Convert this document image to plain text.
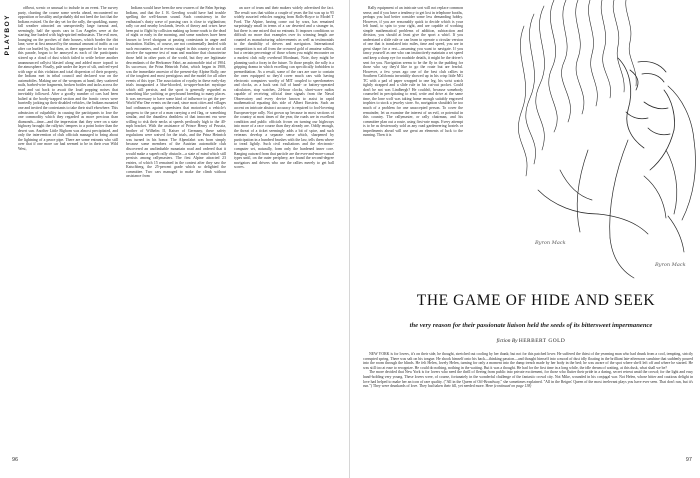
PLAYBOY

offbeat, scenic or unusual to include in an event. The survey party, charting the course some weeks ahead, encountered no opposition or hostility and probably did not heed the fact that the Indians existed. On the day set for the rally, the sparkling, sunny fall weather attracted an unexpectedly large turnout and, seemingly, half the sports cars in Los Angeles were at the starting line loaded with high-spirited enthusiasts. The evil men, lounging on the porches of their houses, which border the dirt lane, were at first amused by the unusual amount of traffic as car after car hurtled by, but then, as there appeared to be no end to this parade, began to be annoyed as each of the participants stirred up a cloud of dust which failed to settle before another unannounced rallyist blasted along and added more topsoil to the atmosphere. Finally, pale under the layer of silt, and red-eyed with rage at this violation and total dispersion of their property, the Indians met in tribal council and declared war on the automobiles. Making use of the weapons at hand, they scattered nails, barbed-wire fragments, broken bottles and tacks across the road and sat back to await the loud popping noises that inevitably followed. After a goodly number of cars had been halted at the booby-trapped section and the frantic crews were hurriedly jacking up their disabled vehicles, the Indians mounted one and invited the contestants to take their stuff elsewhere. This admission of culpability in causing the participants to lose the one commodity which they regarded as more precious than diamonds—time—and the impression that they were on a state highway brought the rallyists' tempers to a point hotter than the desert sun. Another Little Bighorn was almost precipitated, and only the intervention of club officials managed to bring about the lightning of a peace pipe. There are some entrants who still aver that if one more car had seemed to be in their own Wild West,

Indians would have been the new owners of the Palm Springs Indians, and that the J. R. Geerling would have had trouble spelling the well-known sound. Such consistency in the enthusiast's dusty wave of passing cars is close to vigilantism; rally car and nearby lowlands, levels of theory and crises have been put to flight by collision making up home roads to the dead of night or early in the morning, and some ranchers have been known to level shotguns at passing contestants in anger and frustration. Rallies, of course, are not continentally landed with such encounters, and in events staged in this country do not all involve the supreme test of man and machine that characterize those held in other parts of the world, but they are legitimate descendants of the Herkomer Fahrt, an automobile trial of 1904. Its successor, the Prinz Heinrich Fahrt, which began in 1908, was the immediate ancestor of the present-day Alpine Rally, one of the toughest and most prestigious and the model for all other events of this type. The association of royalty in these early-day trials inaugurated a blue-blooded, to-upper-bracket mystique which still persists, and the sport is generally regarded as something like yachting or greyhound breeding to many places. It was necessary to have some kind of influence to get the pre-World War One events on the road, since most cities and villages had ordinances against speedsters that motorized a vehicle's progress to the pace of a man carrying a red flag, or something similar, and the dauntless deathless of that innocent era were willing to risk their necks at speeds perilously high to the 40-mph bracket. With the assistance of Prince Henry of Prussia, brother of Wilhelm II, Kaiser of Germany, these safety regulations were waived for the trials, and the Prinz Heinrich was turned in his honor. The Alpenfahrt was born simply because some members of the Austrian automobile club discovered an unclimbable mountain road and ordered that it would make a superb rally obstacle—a state of mind which still persists among rallymasters. The first Alpine attracted 23 entries, of which 15 remained in the contest after they saw the Katschberg, the 25-percent grade which so delighted the committee. Two cars managed to make the climb without assistance from

an acre of team and their makers widely advertised the fact. The result was that within a couple of years the list was up to 95 widely assorted vehicles ranging from Rolls-Royce to Model T Ford. The Alpine, having come out by wars, has remained surprisingly small in terms of a car deserted and a stranger in, but there is one mixed that no entrants. It imposes conditions so difficult no more that examples over its winning length are counted as manufacturing achievements as well as testimonials to the durability of drivers and navigators. International competition is not all from the crowned gold of amateur rallists, but a certain percentage of those whom you might encounter on a modest club rally overhead Mordaunt, Note, they might be planning such a foray in the future. To those people, the rally is a gripping drama in which excelling can specifically forbidden to premeditation. As a result, some of the cars are sure to contain the ones equipped so they'd cover much cars with having electronic computers worthy of MIT coupled to speedometers and clocks, as a back seat full of hand- or battery-operated calculators, stop watches, 24-hour clocks, short-wave radios capable of receiving official time signals from the Naval Observatory and every device known to assist in rapid mathematical equating this side of Albert Einstein. Such an accent on intricate abstract accuracy is required to fool-lovering European-type rally. Not grown up because in most sections of the country at most times of the year, the roads are in excellent condition and public officials frown on turning our highways into more of a race course than they already are. Oddly enough, the threat of a ticket seemingly adds a bit of spice, and such veterans develop a separate sense which, sharpened by participation in a hundred brushes with the law, tells them where to tread lightly. Such civil exultations and the electronic-computer set, naturally, form only the hardened inner core. Ranging outward from that particle are the ever-and-more-casual types until, on the outer periphery, are found the second-degree navigators and drivers who use the rallies merely to get ball scores.

96

Rally equipment of an intricate sort will not replace common sense, and if you have a tendency to get lost in telephone booths, perhaps you had better consider some less demanding hobby. However, if you are reasonably quick to decide which is your left hand, to spin to your right, and are capable of working simple mathematical problems of addition, subtraction and division, you should at least give the sport a whirl. If you understand a slide rule or can learn to operate a circular version of one that is translated into miles, time and speed, you are in great shape for a rest—assuming you want to navigate. If you fancy yourself as one who can instinctively maintain a set speed and keep a sharp eye for roadside details, it might be the driver's sent for you. Navigation seems to be the fly in the pudding for those who say they'd like to go the route but are fearful. However, a few years ago one of the best club rallies in Southern California invariably showed up in his crisp little MG TC with a pad of paper wrapped to one leg, his wrist watch tightly strapped and a slide rule in his cut-out pocket. Could don't he not was Lindbergh? He couldn't, because somebody counseled in precipitating to read, write and drive at the same time, the lone wolf was taking home enough suitably engraved trophies to stock a jewelry store. So, navigation shouldn't be too much of a problem for one unaccepted person. To cover the remainder, let us examine the interest of an evil, or potential in this country. The rallymaster, or rally chairman, and his committee plan out a route, using first-rate maps. Every attempt is to be as dexterously sold as any road gardeneering hostels or impediments ahead will use great an elements of luck to the running. Then it is

Byron Mack
Byron Mack
THE GAME OF HIDE AND SEEK
the very reason for their passionate liaison held the seeds of its bittersweet impermanence
fiction By HERBERT GOLD

NEW YORK is for lovers, it's on their side, he thought, stretched out cooling by her thank; but not for this patched lover. He suffered the thirst of the yearning man who had drunk from a cool, tempting, strictly corrupted spring. There was salt on his tongue. He shook himself onto his back—thinking passion—and thought himself into a mood of dust idly floating in the brilliant late-afternoon sunshine that suddenly poured into the room through the blinds. He felt Helen, lovely Helen, turning for only a moment into the damp trench made by her body in the bed; he was aware of the spot where she'd left off and where he started. He was still too at ease to recognize. He could do nothing, nothing in the waiting. But it was a thought. He had for the first time in a long while, the idle dream of waiting, at this dusk, what shall we be?

The more decided that New York is for lovers who need the thrill of fleeing from public into private excitement, for those who flutter their pride in a daring, secret retreat amid the crowd; for the light and easy hand-holding very young. These lovers were, of course, fortunately in the wonderful challenge of the fantastic crowd city. Not Mike, wounded in his conjugal war. Not Helen, whose bitter and cautious delight in love had helped to make her an icon of rare quality. ("All in the Queen of Off-Broadway," she sometimes explained. "All in the Reigns' Queen of the most irrelevant plays you have ever seen. That don't run, but it's run.") They were drunkards of love. They had taken their fill, yet needed more. Here (continued on page 118)

97
